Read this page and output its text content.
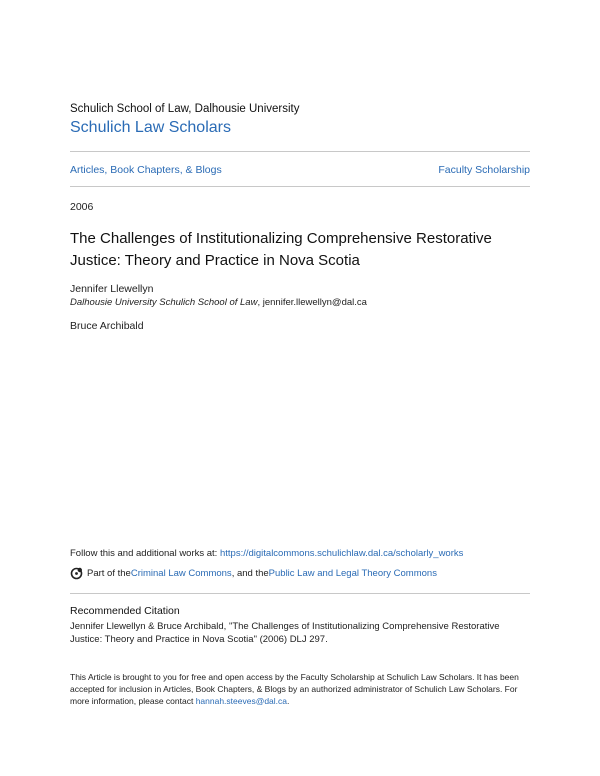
Schulich School of Law, Dalhousie University
Schulich Law Scholars
Articles, Book Chapters, & Blogs	Faculty Scholarship
2006
The Challenges of Institutionalizing Comprehensive Restorative Justice: Theory and Practice in Nova Scotia
Jennifer Llewellyn
Dalhousie University Schulich School of Law, jennifer.llewellyn@dal.ca
Bruce Archibald
Follow this and additional works at: https://digitalcommons.schulichlaw.dal.ca/scholarly_works
Part of the Criminal Law Commons , and the Public Law and Legal Theory Commons
Recommended Citation
Jennifer Llewellyn & Bruce Archibald, "The Challenges of Institutionalizing Comprehensive Restorative Justice: Theory and Practice in Nova Scotia" (2006) DLJ 297.
This Article is brought to you for free and open access by the Faculty Scholarship at Schulich Law Scholars. It has been accepted for inclusion in Articles, Book Chapters, & Blogs by an authorized administrator of Schulich Law Scholars. For more information, please contact hannah.steeves@dal.ca.
